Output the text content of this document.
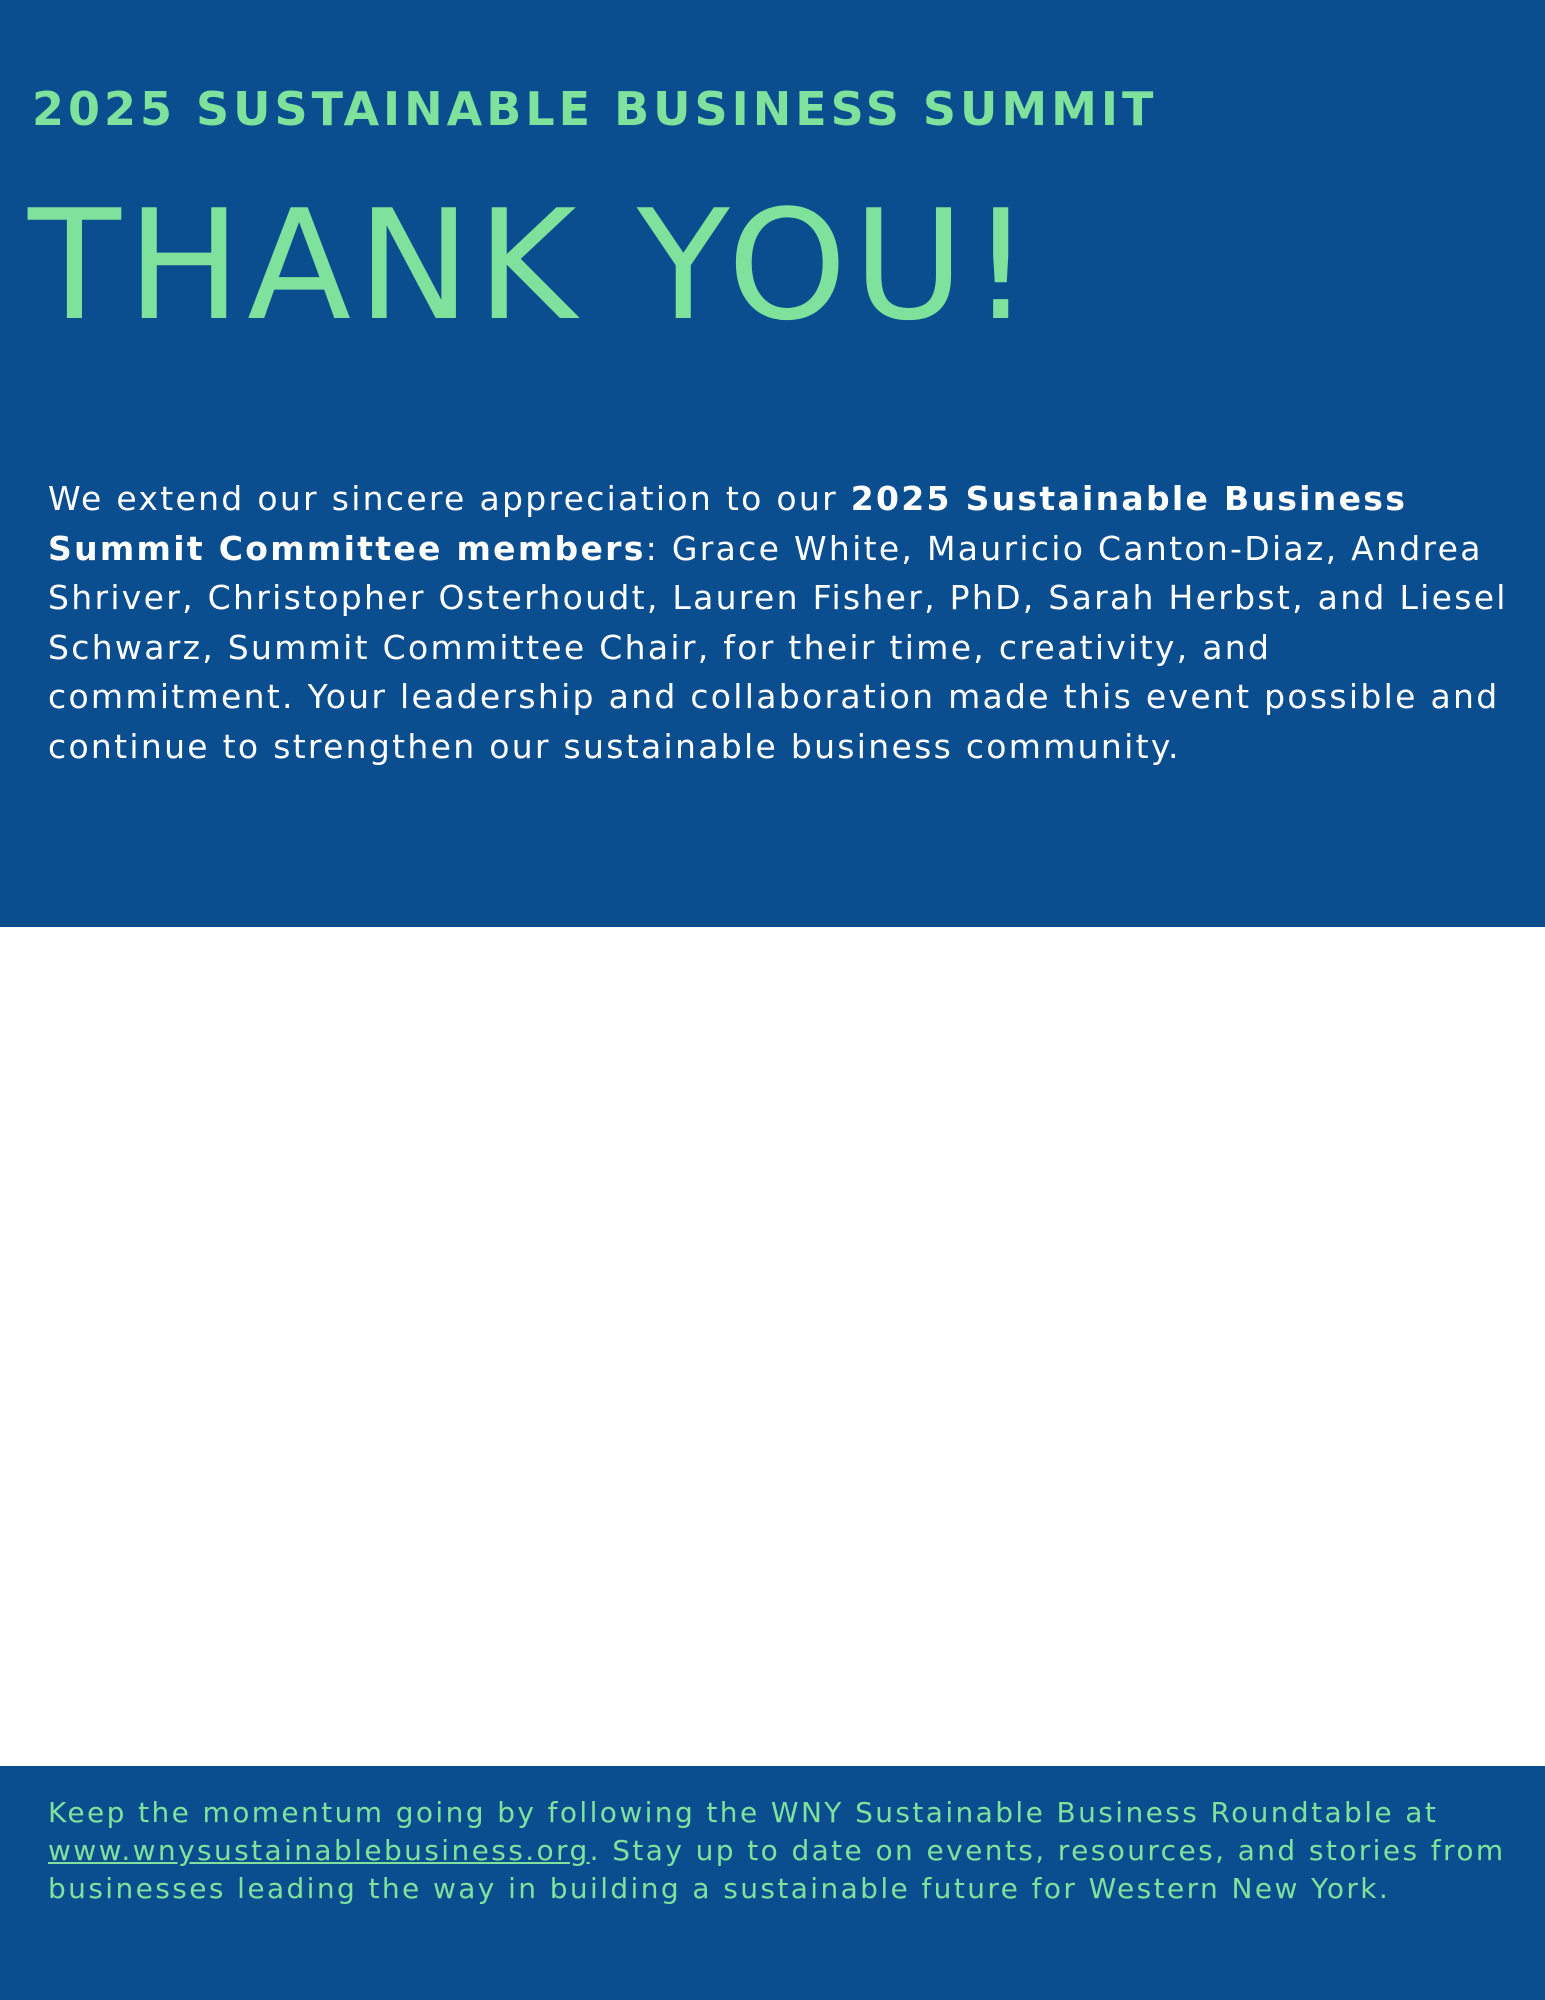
2025 SUSTAINABLE BUSINESS SUMMIT
THANK YOU!

We extend our sincere appreciation to our 2025 Sustainable Business Summit Committee members: Grace White, Mauricio Canton-Diaz, Andrea Shriver, Christopher Osterhoudt, Lauren Fisher, PhD, Sarah Herbst, and Liesel Schwarz, Summit Committee Chair, for their time, creativity, and commitment. Your leadership and collaboration made this event possible and continue to strengthen our sustainable business community.

Keep the momentum going by following the WNY Sustainable Business Roundtable at www.wnysustainablebusiness.org. Stay up to date on events, resources, and stories from businesses leading the way in building a sustainable future for Western New York.
